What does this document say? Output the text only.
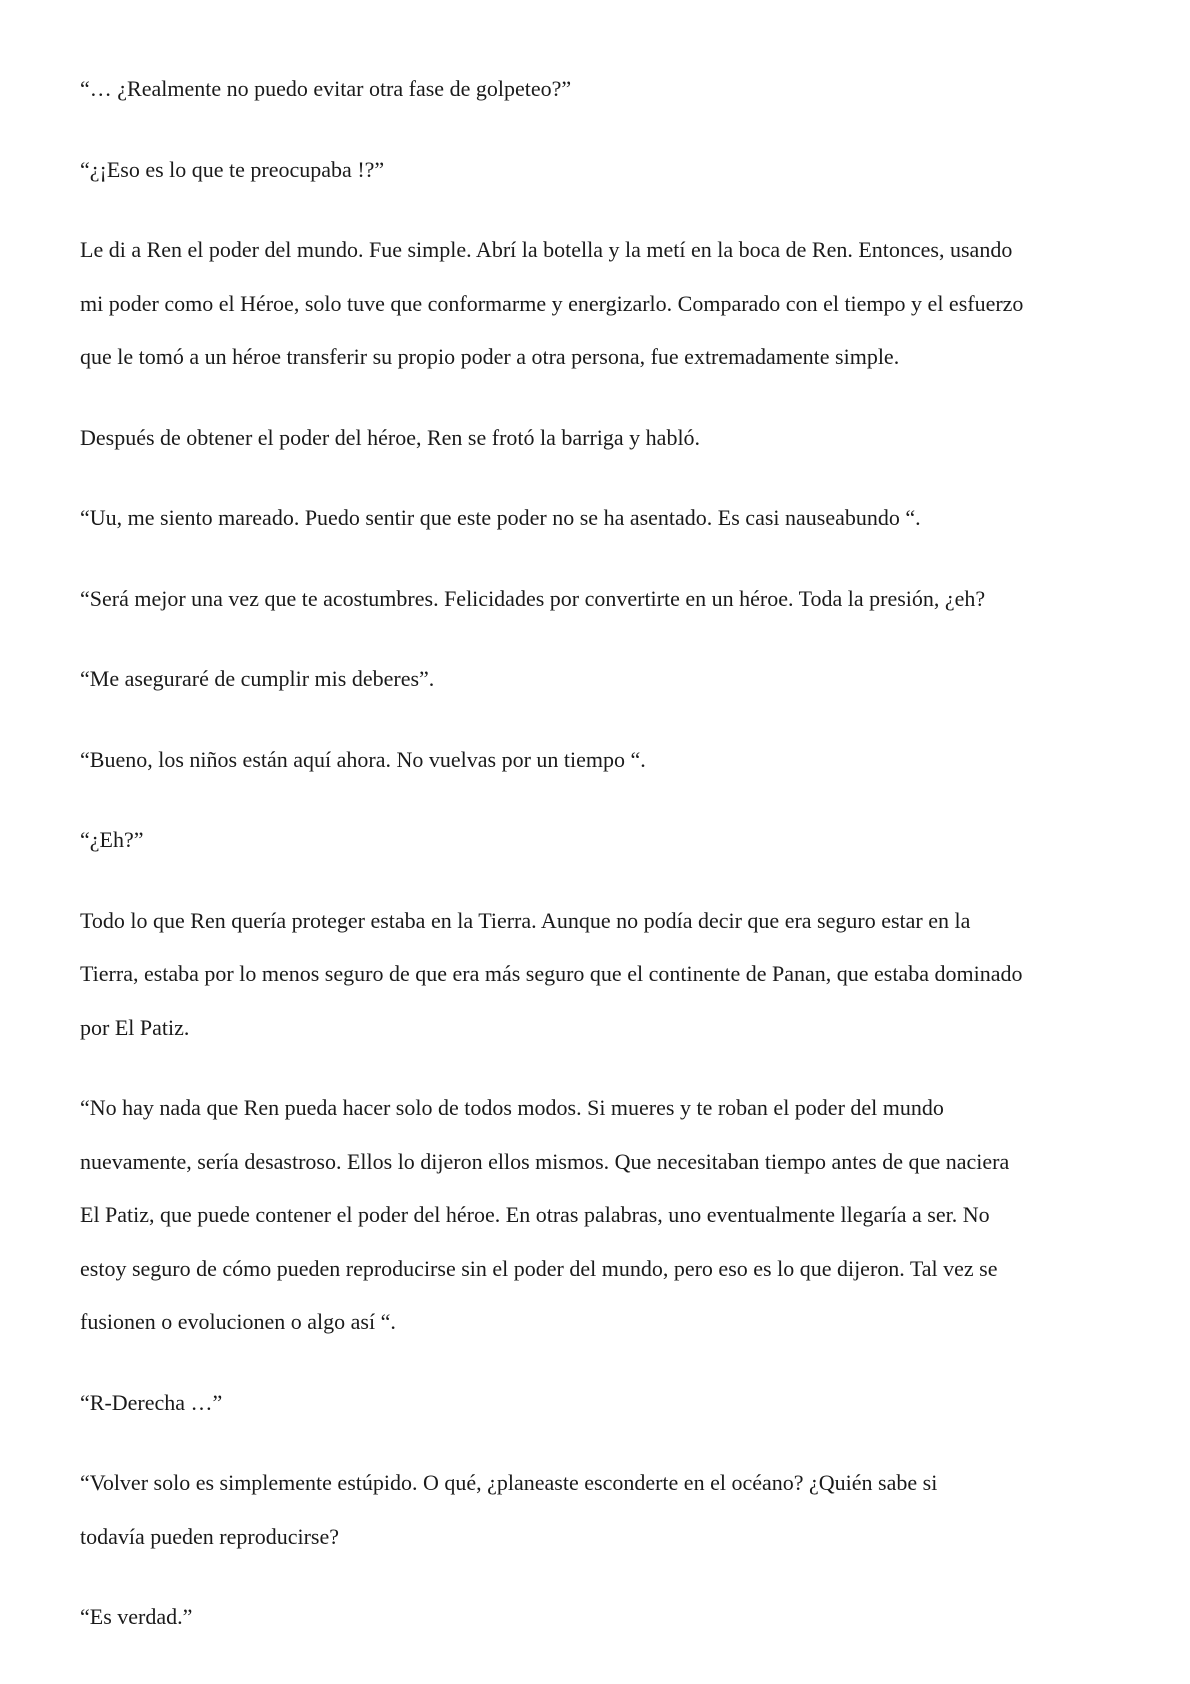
“… ¿Realmente no puedo evitar otra fase de golpeteo?”

“¿¡Eso es lo que te preocupaba !?”

Le di a Ren el poder del mundo. Fue simple. Abrí la botella y la metí en la boca de Ren. Entonces, usando
mi poder como el Héroe, solo tuve que conformarme y energizarlo. Comparado con el tiempo y el esfuerzo
que le tomó a un héroe transferir su propio poder a otra persona, fue extremadamente simple.

Después de obtener el poder del héroe, Ren se frotó la barriga y habló.

“Uu, me siento mareado. Puedo sentir que este poder no se ha asentado. Es casi nauseabundo “.

“Será mejor una vez que te acostumbres. Felicidades por convertirte en un héroe. Toda la presión, ¿eh?

“Me aseguraré de cumplir mis deberes”.

“Bueno, los niños están aquí ahora. No vuelvas por un tiempo “.

“¿Eh?”

Todo lo que Ren quería proteger estaba en la Tierra. Aunque no podía decir que era seguro estar en la
Tierra, estaba por lo menos seguro de que era más seguro que el continente de Panan, que estaba dominado
por El Patiz.

“No hay nada que Ren pueda hacer solo de todos modos. Si mueres y te roban el poder del mundo
nuevamente, sería desastroso. Ellos lo dijeron ellos mismos. Que necesitaban tiempo antes de que naciera
El Patiz, que puede contener el poder del héroe. En otras palabras, uno eventualmente llegaría a ser. No
estoy seguro de cómo pueden reproducirse sin el poder del mundo, pero eso es lo que dijeron. Tal vez se
fusionen o evolucionen o algo así “.

“R-Derecha …”

“Volver solo es simplemente estúpido. O qué, ¿planeaste esconderte en el océano? ¿Quién sabe si
todavía pueden reproducirse?

“Es verdad.”
